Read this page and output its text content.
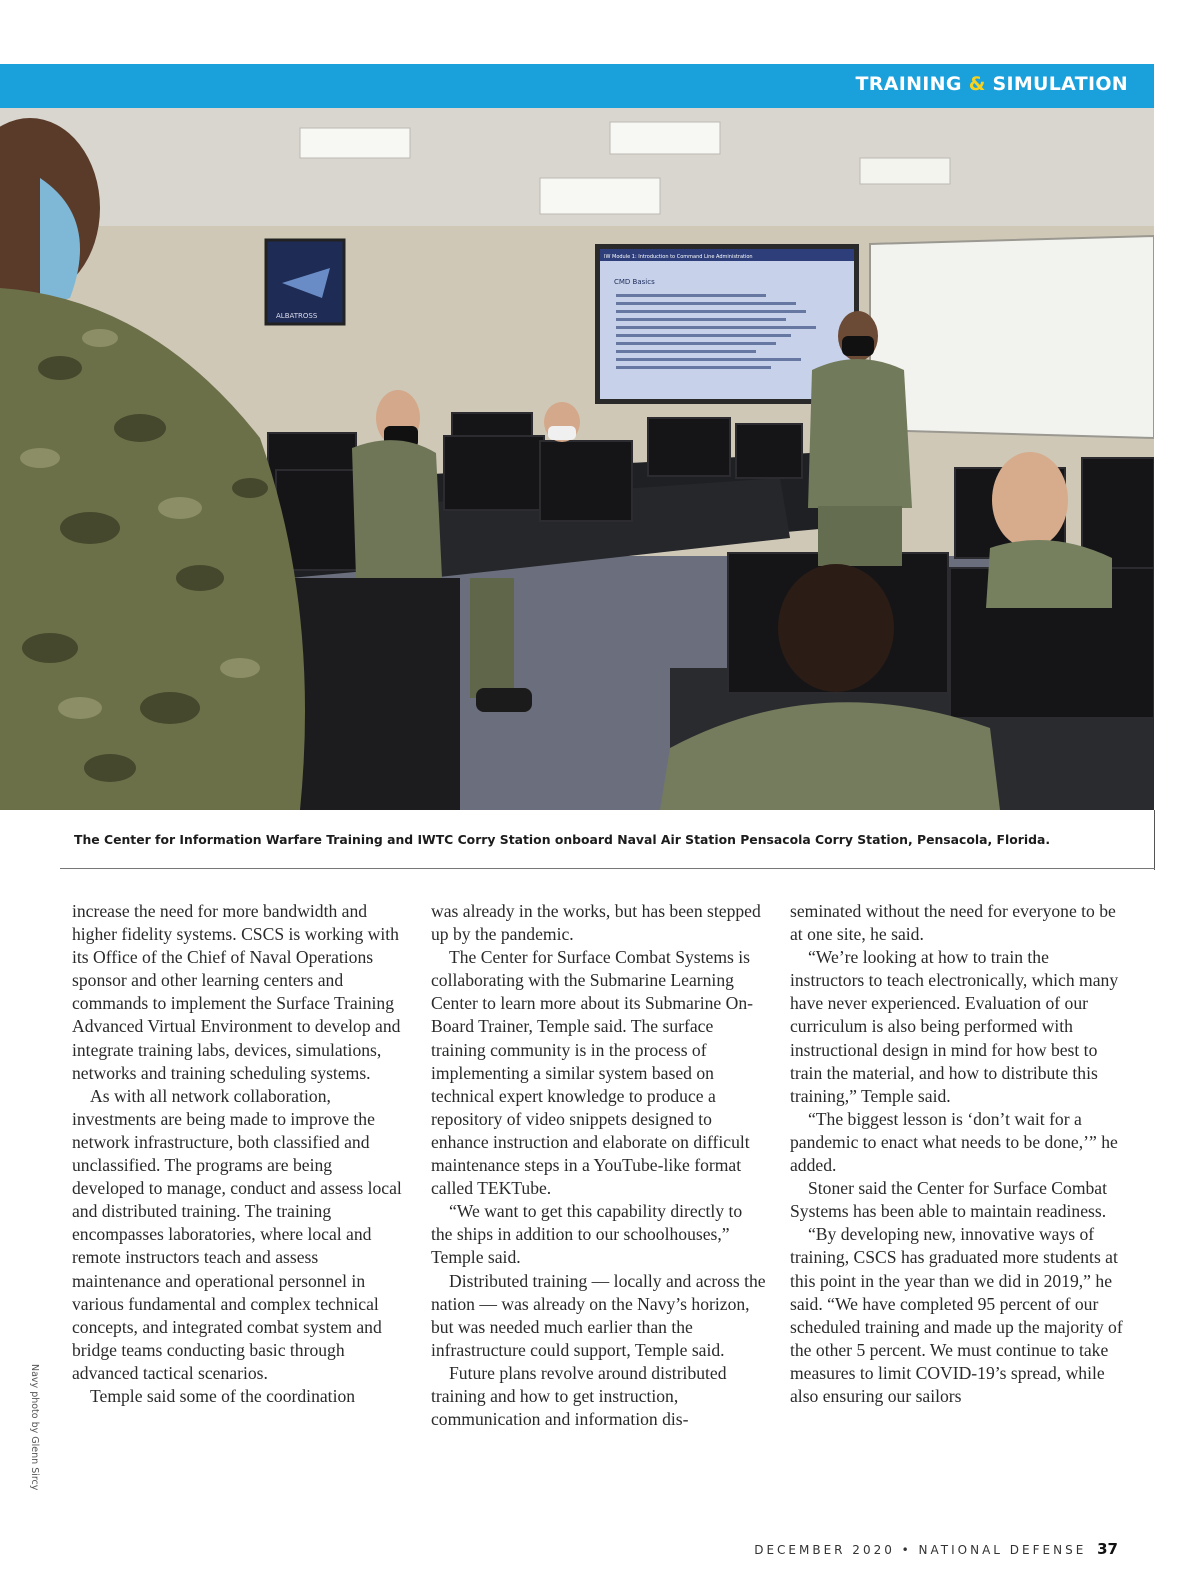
TRAINING & SIMULATION
ALBATROSS
IW Module 1: Introduction to Command Line Administration
CMD Basics
The Center for Information Warfare Training and IWTC Corry Station onboard Naval Air Station Pensacola Corry Station, Pensacola, Florida.
Navy photo by Glenn Sircy

increase the need for more bandwidth and higher fidelity systems. CSCS is working with its Office of the Chief of Naval Operations sponsor and other learning centers and commands to implement the Surface Training Advanced Virtual Environment to develop and integrate training labs, devices, simulations, networks and training scheduling systems.

As with all network collaboration, investments are being made to improve the network infrastructure, both classified and unclassified. The programs are being developed to manage, conduct and assess local and distributed training. The training encompasses laboratories, where local and remote instructors teach and assess maintenance and operational personnel in various fundamental and complex technical concepts, and integrated combat system and bridge teams conducting basic through advanced tactical scenarios.

Temple said some of the coordination

was already in the works, but has been stepped up by the pandemic.

The Center for Surface Combat Systems is collaborating with the Submarine Learning Center to learn more about its Submarine On-Board Trainer, Temple said. The surface training community is in the process of implementing a similar system based on technical expert knowledge to produce a repository of video snippets designed to enhance instruction and elaborate on difficult maintenance steps in a YouTube-like format called TEKTube.

“We want to get this capability directly to the ships in addition to our schoolhouses,” Temple said.

Distributed training — locally and across the nation — was already on the Navy’s horizon, but was needed much earlier than the infrastructure could support, Temple said.

Future plans revolve around distributed training and how to get instruction, communication and information dis-

seminated without the need for everyone to be at one site, he said.

“We’re looking at how to train the instructors to teach electronically, which many have never experienced. Evaluation of our curriculum is also being performed with instructional design in mind for how best to train the material, and how to distribute this training,” Temple said.

“The biggest lesson is ‘don’t wait for a pandemic to enact what needs to be done,’” he added.

Stoner said the Center for Surface Combat Systems has been able to maintain readiness.

“By developing new, innovative ways of training, CSCS has graduated more students at this point in the year than we did in 2019,” he said. “We have completed 95 percent of our scheduled training and made up the majority of the other 5 percent. We must continue to take measures to limit COVID-19’s spread, while also ensuring our sailors

DECEMBER 2020 • NATIONAL DEFENSE 37
